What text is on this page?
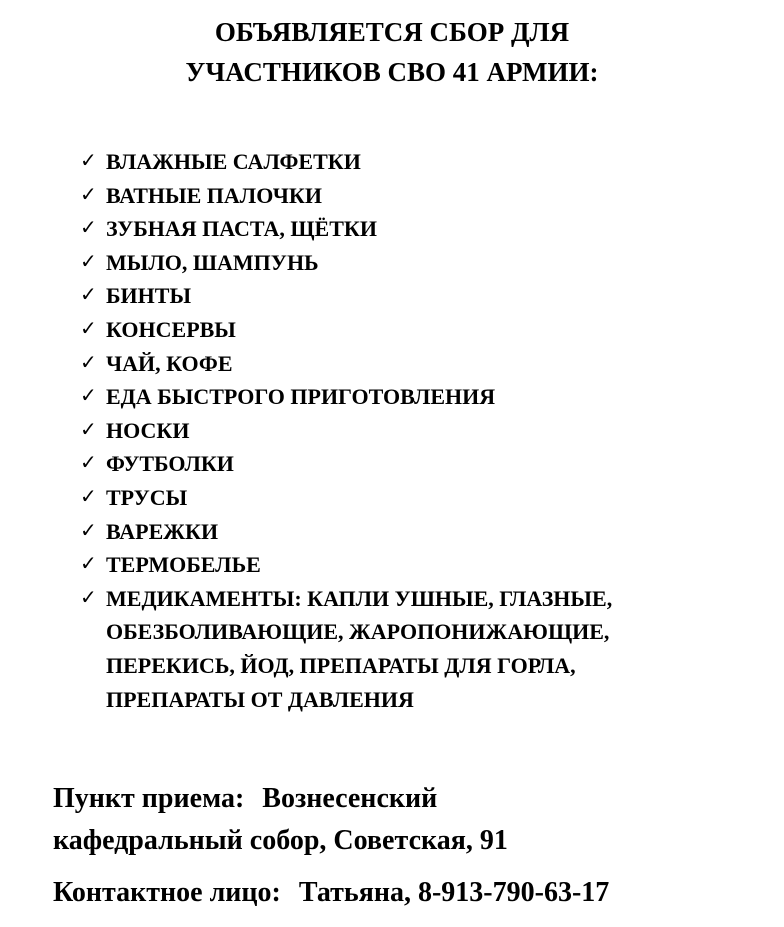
ОБЪЯВЛЯЕТСЯ СБОР ДЛЯ
УЧАСТНИКОВ СВО 41 АРМИИ:
✓ ВЛАЖНЫЕ САЛФЕТКИ
✓ ВАТНЫЕ ПАЛОЧКИ
✓ ЗУБНАЯ ПАСТА, ЩЁТКИ
✓ МЫЛО, ШАМПУНЬ
✓ БИНТЫ
✓ КОНСЕРВЫ
✓ ЧАЙ, КОФЕ
✓ ЕДА БЫСТРОГО ПРИГОТОВЛЕНИЯ
✓ НОСКИ
✓ ФУТБОЛКИ
✓ ТРУСЫ
✓ ВАРЕЖКИ
✓ ТЕРМОБЕЛЬЕ
✓ МЕДИКАМЕНТЫ: КАПЛИ УШНЫЕ, ГЛАЗНЫЕ,
ОБЕЗБОЛИВАЮЩИЕ, ЖАРОПОНИЖАЮЩИЕ,
ПЕРЕКИСЬ, ЙОД, ПРЕПАРАТЫ ДЛЯ ГОРЛА,
ПРЕПАРАТЫ ОТ ДАВЛЕНИЯ
Пункт приема: Вознесенский
кафедральный собор, Советская, 91
Контактное лицо: Татьяна, 8-913-790-63-17
